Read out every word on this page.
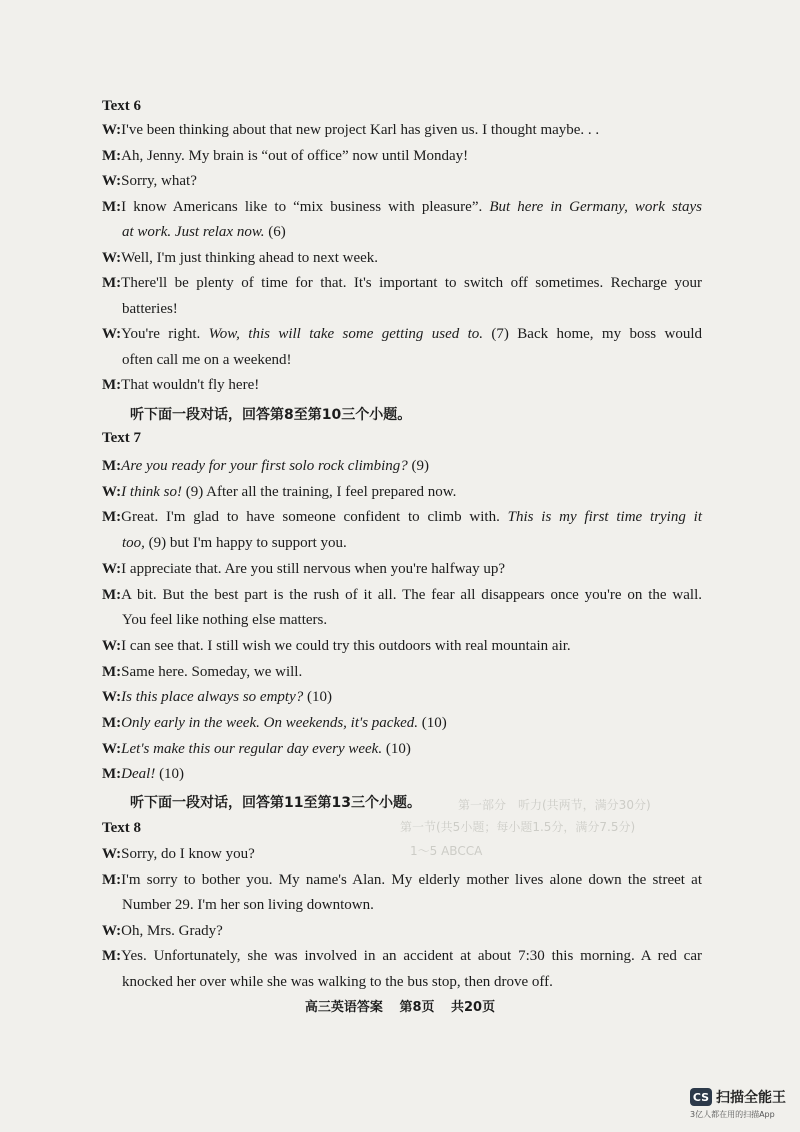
第一部分　听力(共两节，满分30分)
第一节(共5小题；每小题1.5分，满分7.5分)
1～5 ABCCA
Text 6
W:I've been thinking about that new project Karl has given us. I thought maybe. . .
M:Ah, Jenny. My brain is “out of office” now until Monday!
W:Sorry, what?
M:I know Americans like to “mix business with pleasure”. But here in Germany, work stays
at work. Just relax now. (6)
W:Well, I'm just thinking ahead to next week.
M:There'll be plenty of time for that. It's important to switch off sometimes. Recharge your
batteries!
W:You're right. Wow, this will take some getting used to. (7) Back home, my boss would
often call me on a weekend!
M:That wouldn't fly here!
听下面一段对话，回答第8至第10三个小题。
Text 7
M:Are you ready for your first solo rock climbing? (9)
W:I think so! (9) After all the training, I feel prepared now.
M:Great. I'm glad to have someone confident to climb with. This is my first time trying it
too, (9) but I'm happy to support you.
W:I appreciate that. Are you still nervous when you're halfway up?
M:A bit. But the best part is the rush of it all. The fear all disappears once you're on the wall.
You feel like nothing else matters.
W:I can see that. I still wish we could try this outdoors with real mountain air.
M:Same here. Someday, we will.
W:Is this place always so empty? (10)
M:Only early in the week. On weekends, it's packed. (10)
W:Let's make this our regular day every week. (10)
M:Deal! (10)
听下面一段对话，回答第11至第13三个小题。
Text 8
W:Sorry, do I know you?
M:I'm sorry to bother you. My name's Alan. My elderly mother lives alone down the street at
Number 29. I'm her son living downtown.
W:Oh, Mrs. Grady?
M:Yes. Unfortunately, she was involved in an accident at about 7:30 this morning. A red car
knocked her over while she was walking to the bus stop, then drove off.
高三英语答案 第8页 共20页
CS 扫描全能王
3亿人都在用的扫描App
